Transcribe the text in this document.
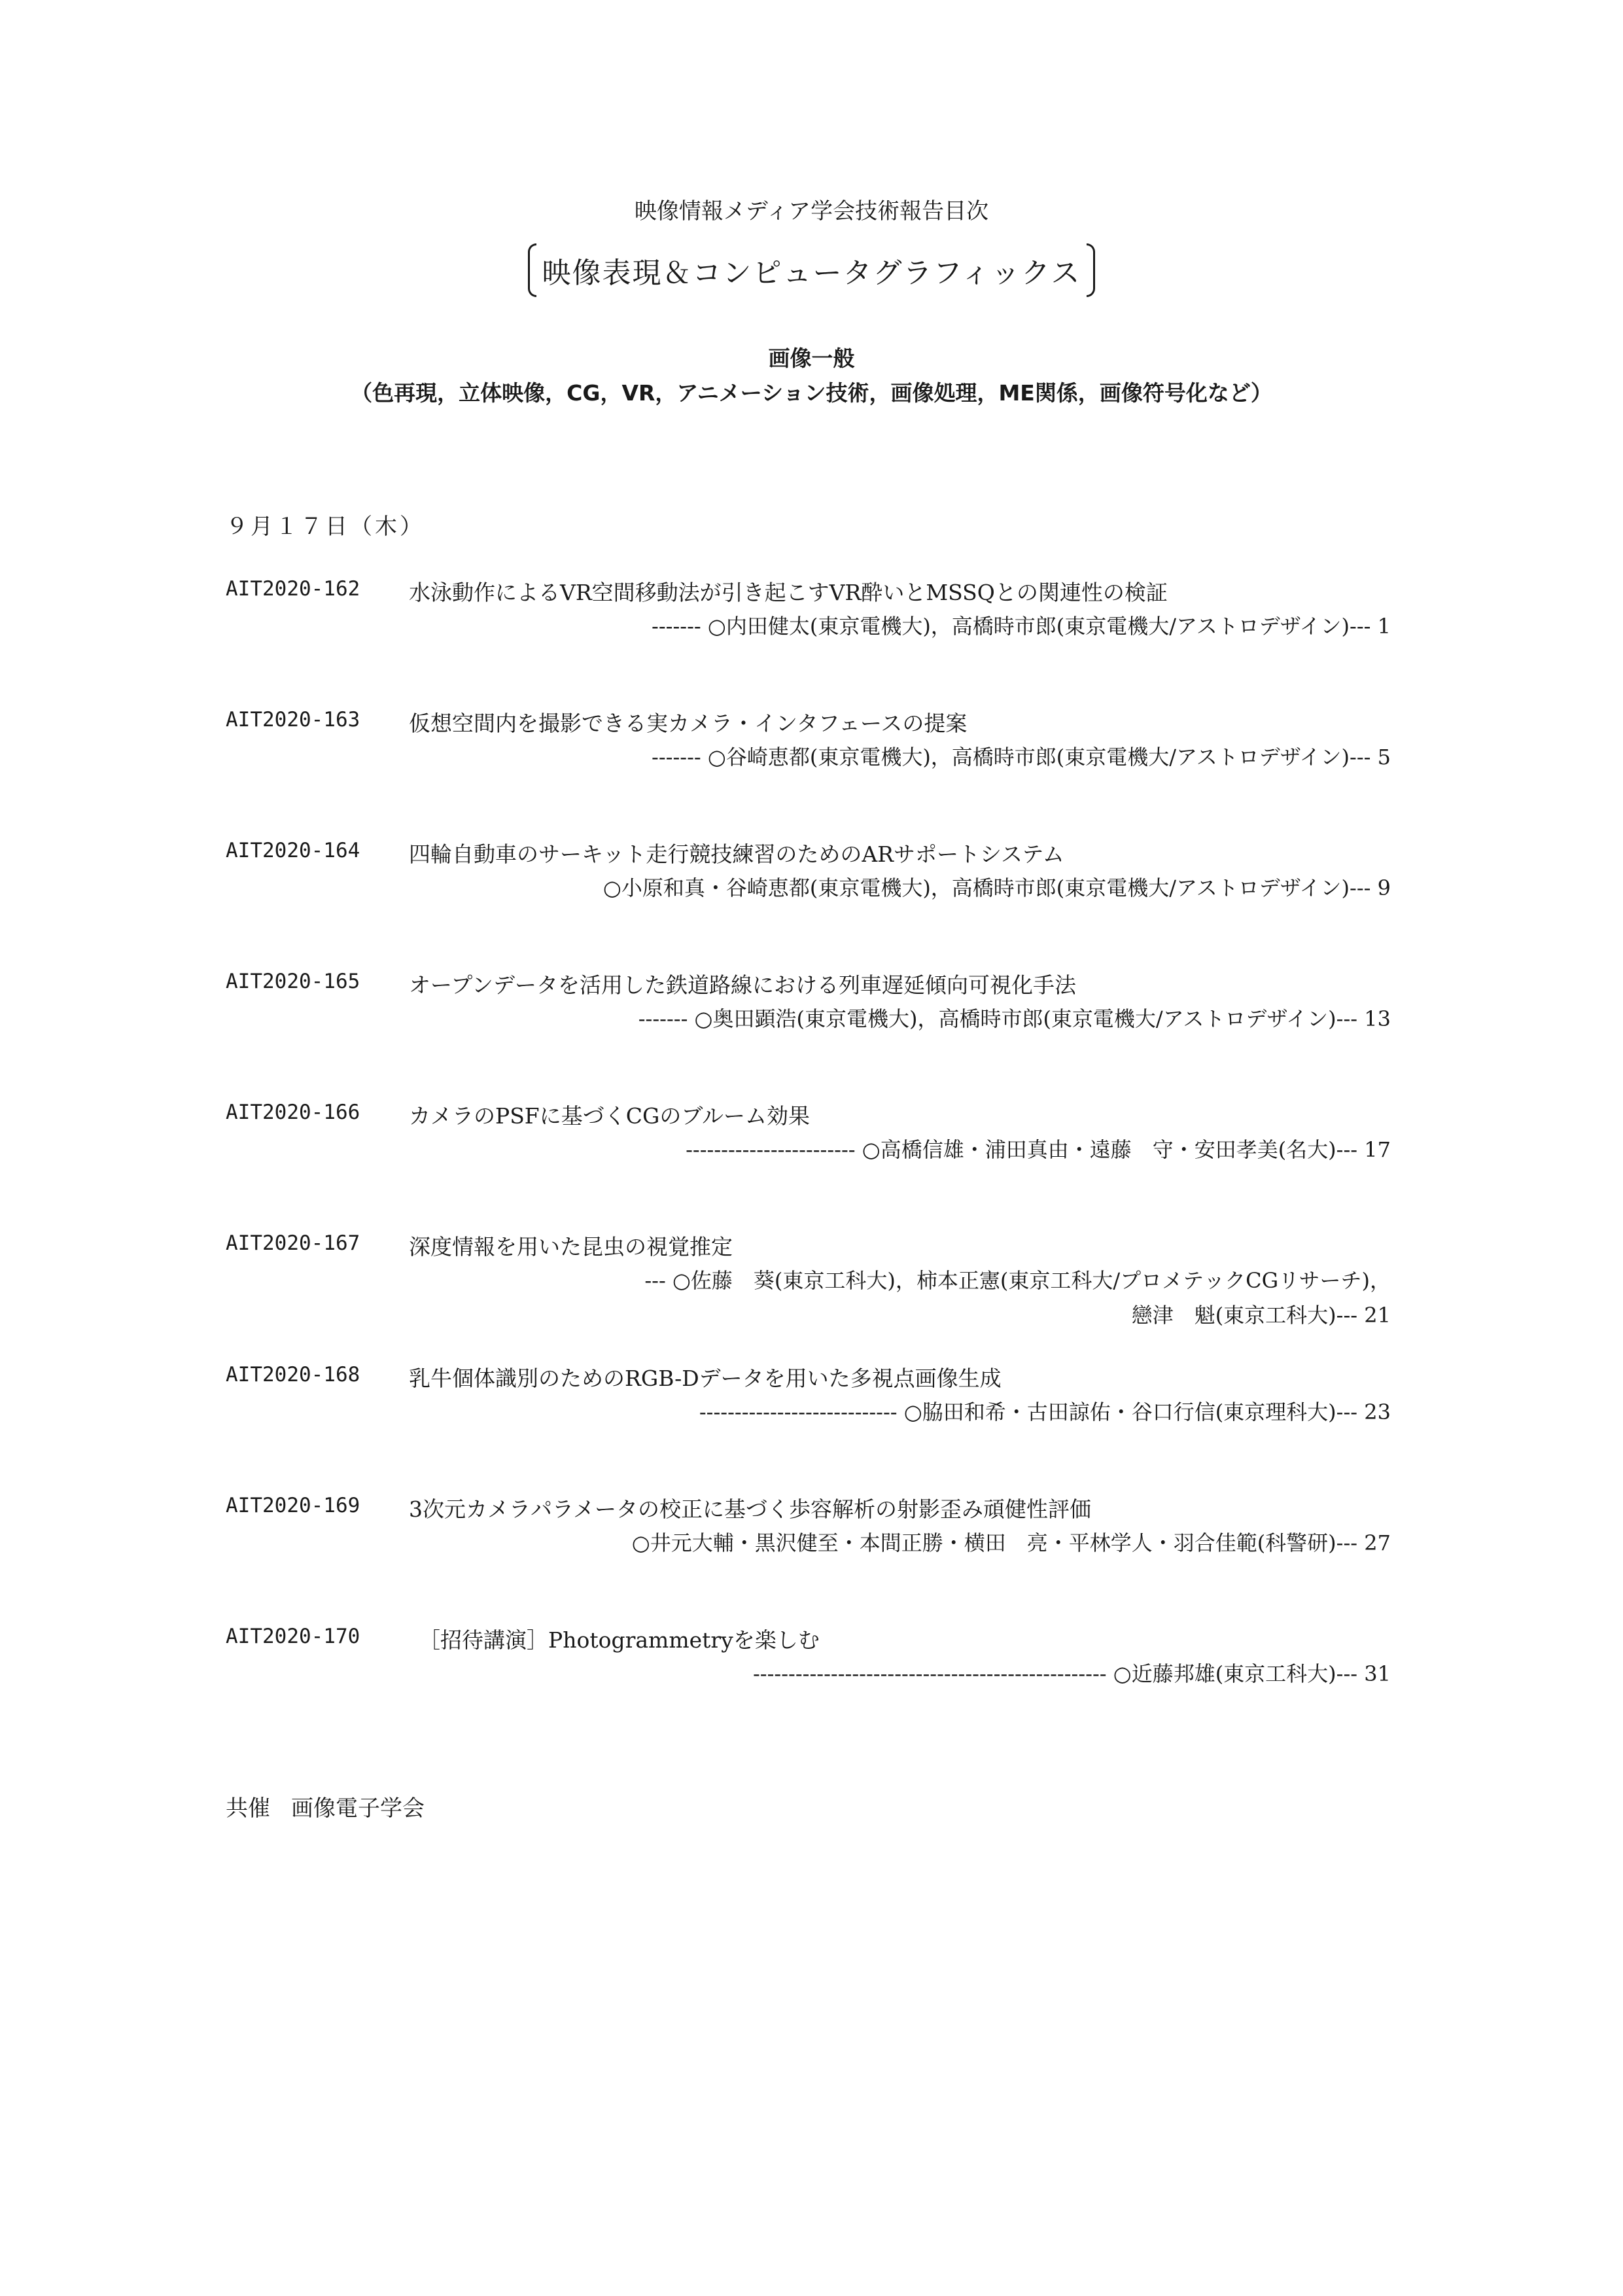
映像情報メディア学会技術報告目次
映像表現＆コンピュータグラフィックス
画像一般
（色再現，立体映像，CG，VR，アニメーション技術，画像処理，ME関係，画像符号化など）
９月１７日（木）
AIT2020-162 水泳動作によるVR空間移動法が引き起こすVR酔いとMSSQとの関連性の検証
------- ○内田健太(東京電機大)，高橋時市郎(東京電機大/アストロデザイン)--- 1
AIT2020-163 仮想空間内を撮影できる実カメラ・インタフェースの提案
------- ○谷崎恵都(東京電機大)，高橋時市郎(東京電機大/アストロデザイン)--- 5
AIT2020-164 四輪自動車のサーキット走行競技練習のためのARサポートシステム
○小原和真・谷崎恵都(東京電機大)，高橋時市郎(東京電機大/アストロデザイン)--- 9
AIT2020-165 オープンデータを活用した鉄道路線における列車遅延傾向可視化手法
------- ○奥田顕浩(東京電機大)，高橋時市郎(東京電機大/アストロデザイン)--- 13
AIT2020-166 カメラのPSFに基づくCGのブルーム効果
------------------------ ○高橋信雄・浦田真由・遠藤　守・安田孝美(名大)--- 17
AIT2020-167 深度情報を用いた昆虫の視覚推定
--- ○佐藤　葵(東京工科大)，柿本正憲(東京工科大/プロメテックCGリサーチ)，
戀津　魁(東京工科大)--- 21
AIT2020-168 乳牛個体識別のためのRGB-Dデータを用いた多視点画像生成
---------------------------- ○脇田和希・古田諒佑・谷口行信(東京理科大)--- 23
AIT2020-169 3次元カメラパラメータの校正に基づく歩容解析の射影歪み頑健性評価
○井元大輔・黒沢健至・本間正勝・横田　亮・平林学人・羽合佳範(科警研)--- 27
AIT2020-170	［招待講演］Photogrammetryを楽しむ
-------------------------------------------------- ○近藤邦雄(東京工科大)--- 31
共催 画像電子学会
